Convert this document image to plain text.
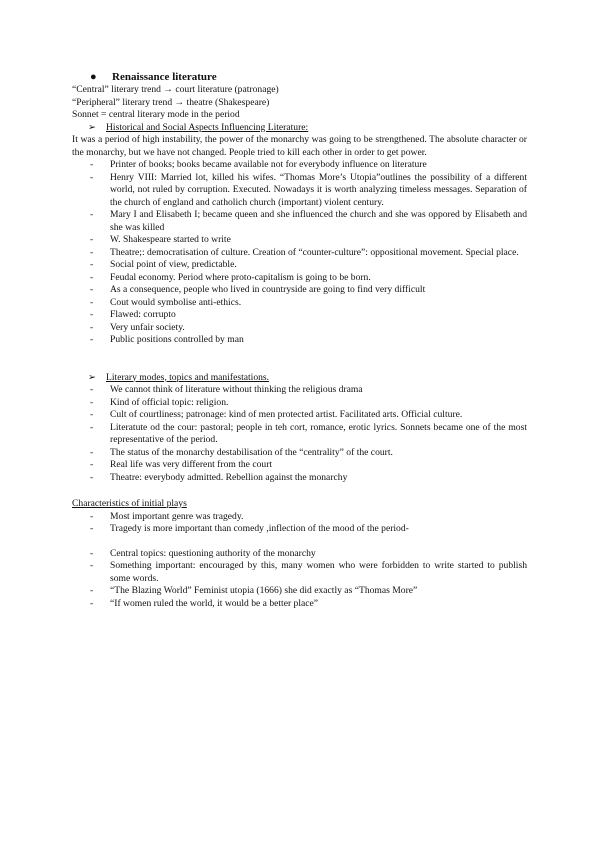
● Renaissance literature
“Central” literary trend → court literature (patronage)
“Peripheral” literary trend → theatre (Shakespeare)
Sonnet = central literary mode in the period
➢ Historical and Social Aspects Influencing Literature:
It was a period of high instability, the power of the monarchy was going to be strengthened. The absolute character or the monarchy, but we have not changed. People tried to kill each other in order to get power.
- Printer of books; books became available not for everybody influence on literature
- Henry VIII: Married lot, killed his wifes. “Thomas More’s Utopia”outlines the possibility of a different world, not ruled by corruption. Executed. Nowadays it is worth analyzing timeless messages. Separation of the church of england and catholich church (important) violent century.
- Mary I and Elisabeth I; became queen and she influenced the church and she was oppored by Elisabeth and she was killed
- W. Shakespeare started to write
- Theatre;: democratisation of culture. Creation of “counter-culture”: oppositional movement. Special place.
- Social point of view, predictable.
- Feudal economy. Period where proto-capitalism is going to be born.
- As a consequence, people who lived in countryside are going to find very difficult
- Cout would symbolise anti-ethics.
- Flawed: corrupto
- Very unfair society.
- Public positions controlled by man
➢ Literary modes, topics and manifestations.
- We cannot think of literature without thinking the religious drama
- Kind of official topic: religion.
- Cult of courtliness; patronage: kind of men protected artist. Facilitated arts. Official culture.
- Literatute od the cour: pastoral; people in teh cort, romance, erotic lyrics. Sonnets became one of the most representative of the period.
- The status of the monarchy destabilisation of the “centrality” of the court.
- Real life was very different from the court
- Theatre: everybody admitted. Rebellion against the monarchy
Characteristics of initial plays
- Most important genre was tragedy.
- Tragedy is more important than comedy ,inflection of the mood of the period-
- Central topics: questioning authority of the monarchy
- Something important: encouraged by this, many women who were forbidden to write started to publish some words.
- “The Blazing World” Feminist utopia (1666) she did exactly as “Thomas More”
- “If women ruled the world, it would be a better place”
